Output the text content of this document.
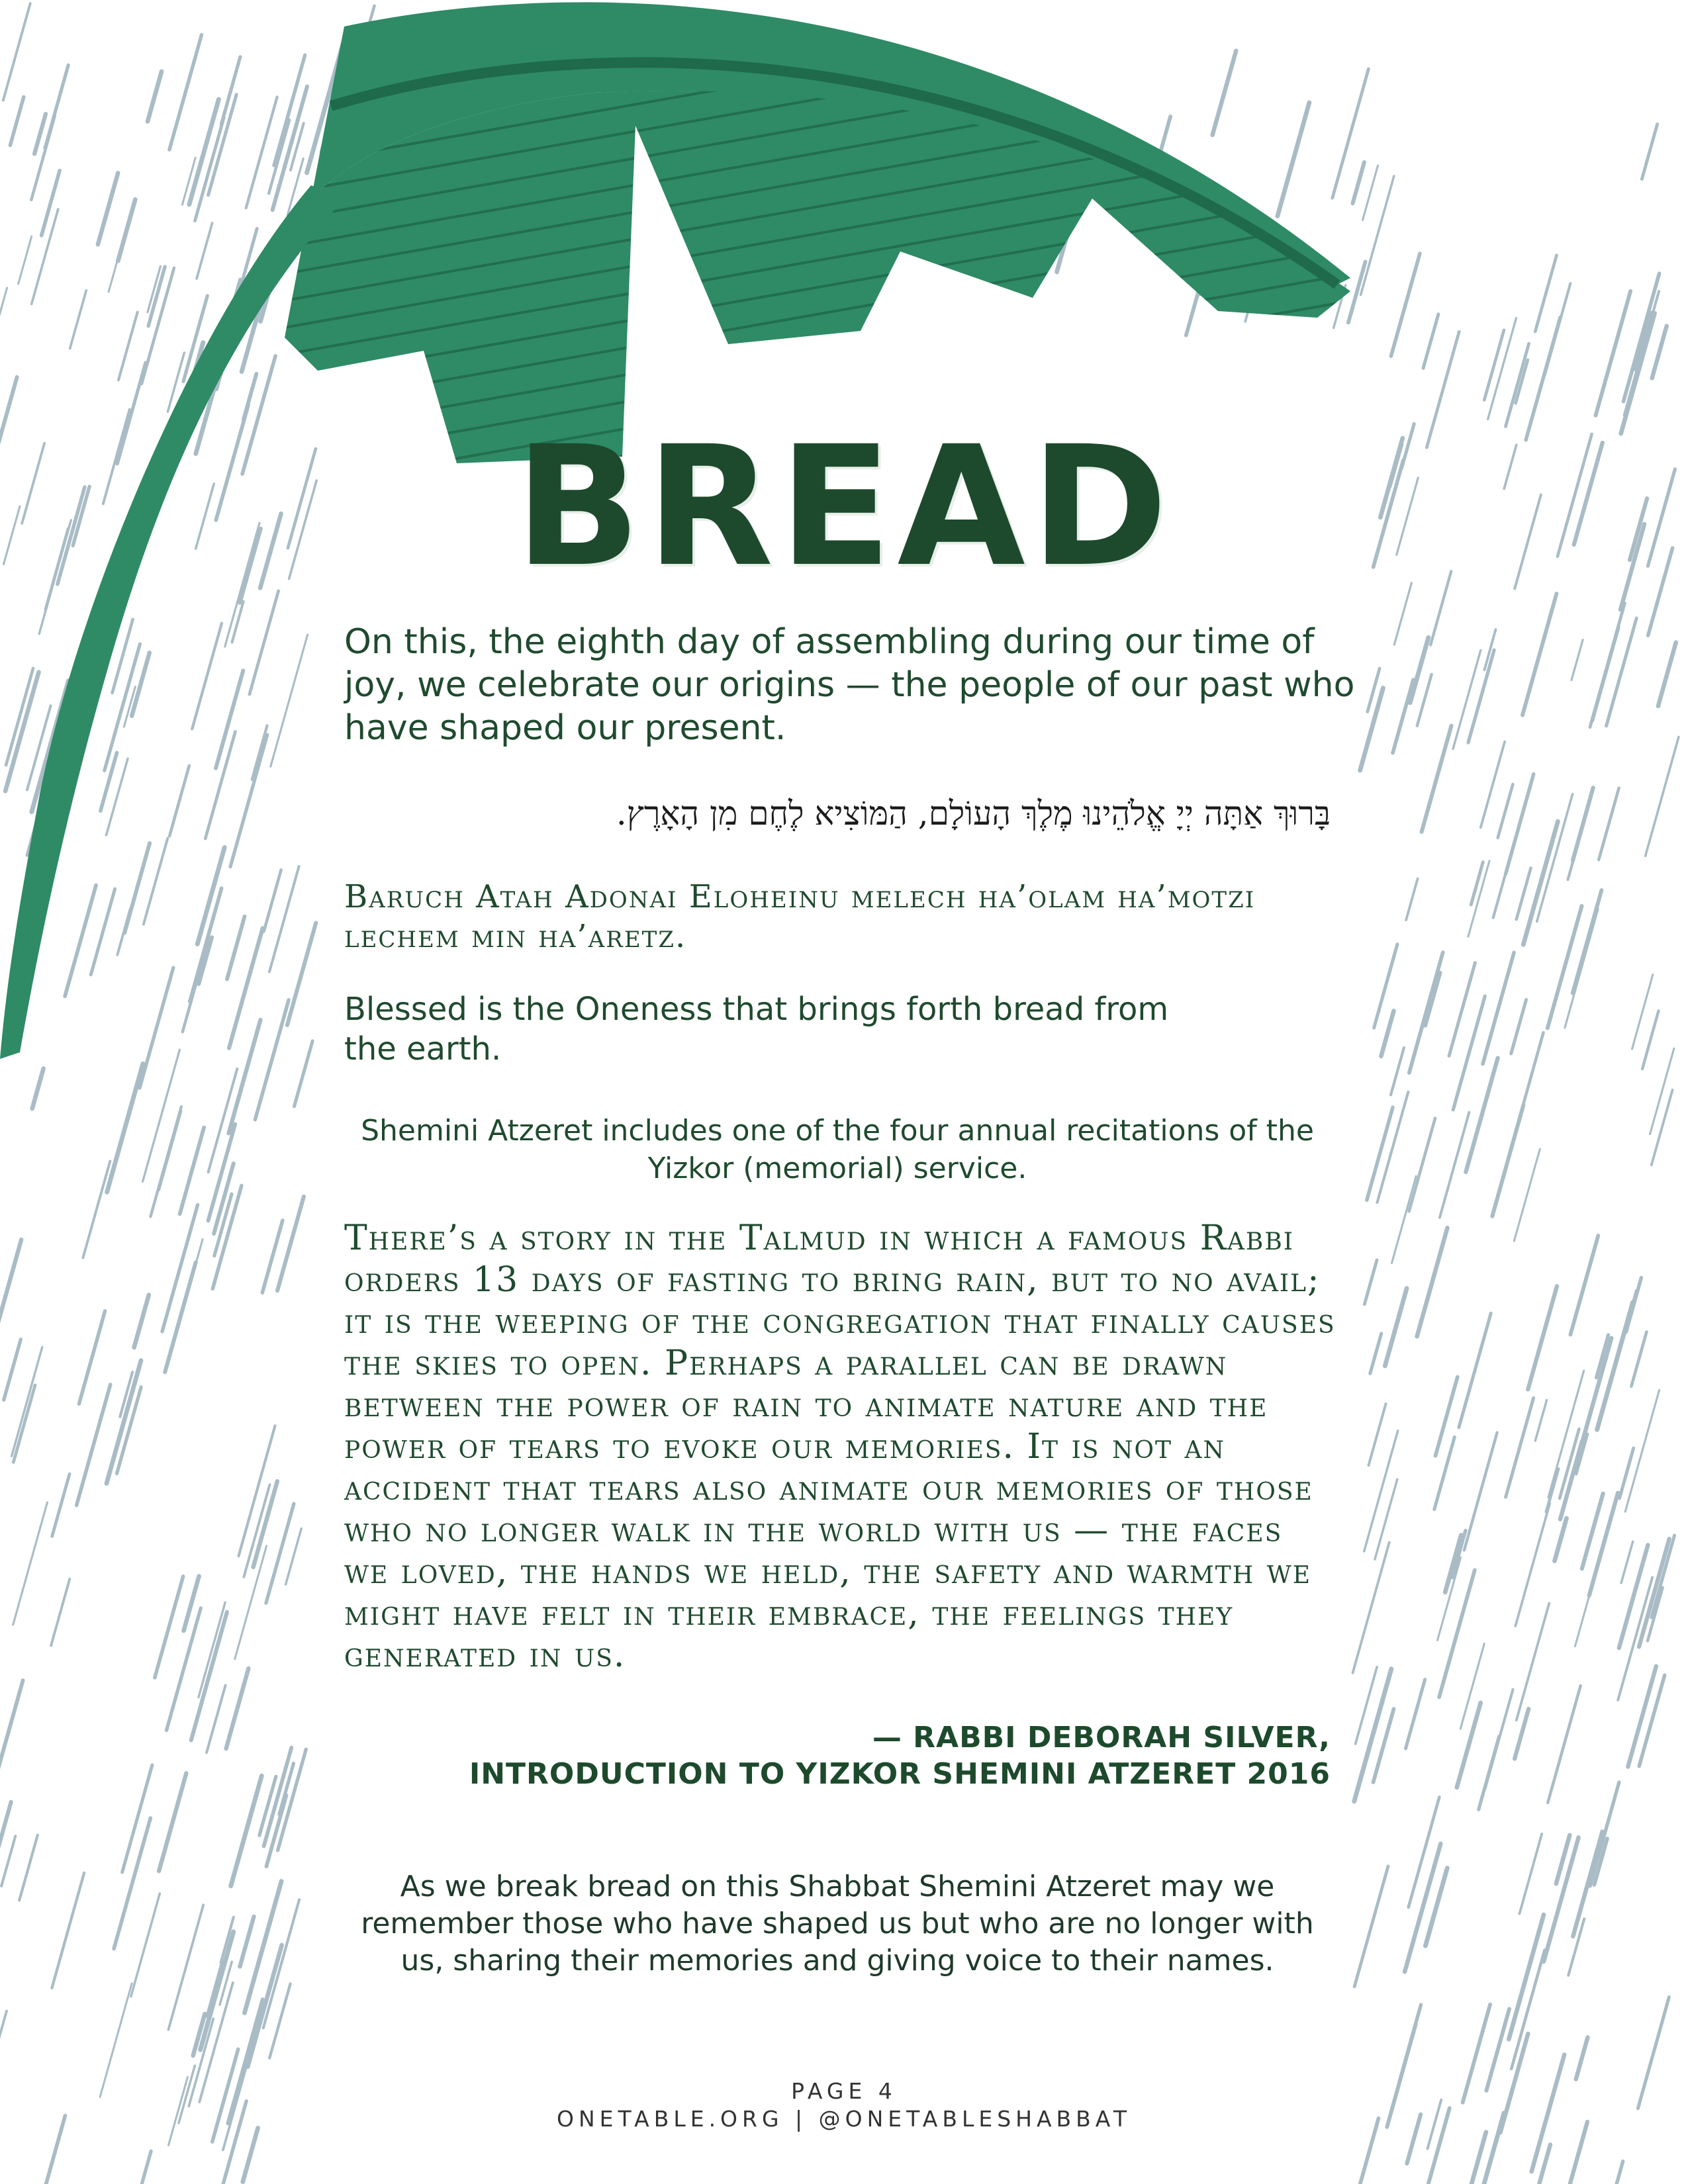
BREAD
On this, the eighth day of assembling during our time of joy, we celebrate our origins — the people of our past who have shaped our present.
בָּרוּךְ אַתָּה יְיָ אֱלֹהֵינוּ מֶלֶךְ הָעוֹלָם, הַמּוֹצִיא לֶחֶם מִן הָאָרֶץ.
Baruch Atah Adonai Eloheinu melech ha’olam ha’motzi lechem min ha’aretz.
Blessed is the Oneness that brings forth bread from the earth.
Shemini Atzeret includes one of the four annual recitations of the Yizkor (memorial) service.
There’s a story in the Talmud in which a famous Rabbi orders 13 days of fasting to bring rain, but to no avail; it is the weeping of the congregation that finally causes the skies to open. Perhaps a parallel can be drawn between the power of rain to animate nature and the power of tears to evoke our memories. It is not an accident that tears also animate our memories of those who no longer walk in the world with us — the faces we loved, the hands we held, the safety and warmth we might have felt in their embrace, the feelings they generated in us.
— RABBI DEBORAH SILVER,
INTRODUCTION TO YIZKOR SHEMINI ATZERET 2016
As we break bread on this Shabbat Shemini Atzeret may we remember those who have shaped us but who are no longer with us, sharing their memories and giving voice to their names.
PAGE 4
ONETABLE.ORG | @ONETABLESHABBAT
